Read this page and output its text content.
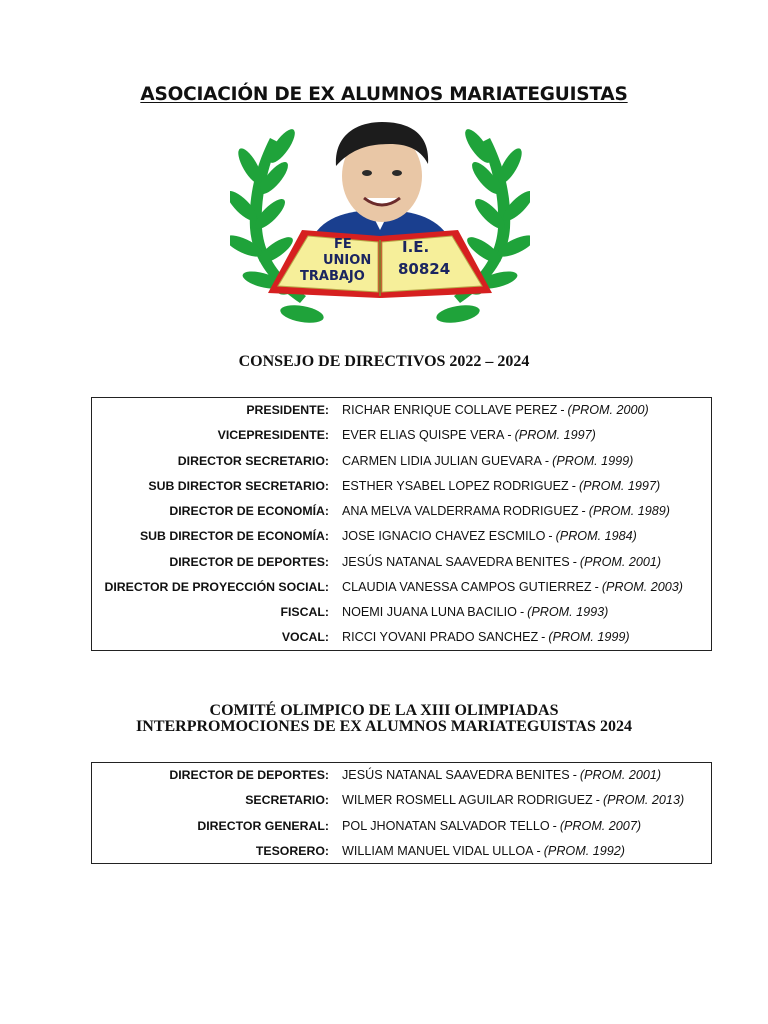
ASOCIACIÓN DE EX ALUMNOS MARIATEGUISTAS
FE
UNION
TRABAJO
I.E.
80824
CONSEJO DE DIRECTIVOS 2022 – 2024
PRESIDENTE: RICHAR ENRIQUE COLLAVE PEREZ - (PROM. 2000)
VICEPRESIDENTE: EVER ELIAS QUISPE VERA - (PROM. 1997)
DIRECTOR SECRETARIO: CARMEN LIDIA JULIAN GUEVARA - (PROM. 1999)
SUB DIRECTOR SECRETARIO: ESTHER YSABEL LOPEZ RODRIGUEZ - (PROM. 1997)
DIRECTOR DE ECONOMÍA: ANA MELVA VALDERRAMA RODRIGUEZ - (PROM. 1989)
SUB DIRECTOR DE ECONOMÍA: JOSE IGNACIO CHAVEZ ESCMILO - (PROM. 1984)
DIRECTOR DE DEPORTES: JESÚS NATANAL SAAVEDRA BENITES - (PROM. 2001)
DIRECTOR DE PROYECCIÓN SOCIAL: CLAUDIA VANESSA CAMPOS GUTIERREZ - (PROM. 2003)
FISCAL: NOEMI JUANA LUNA BACILIO - (PROM. 1993)
VOCAL: RICCI YOVANI PRADO SANCHEZ - (PROM. 1999)
COMITÉ OLIMPICO DE LA XIII OLIMPIADAS
INTERPROMOCIONES DE EX ALUMNOS MARIATEGUISTAS 2024
DIRECTOR DE DEPORTES: JESÚS NATANAL SAAVEDRA BENITES - (PROM. 2001)
SECRETARIO: WILMER ROSMELL AGUILAR RODRIGUEZ - (PROM. 2013)
DIRECTOR GENERAL: POL JHONATAN SALVADOR TELLO - (PROM. 2007)
TESORERO: WILLIAM MANUEL VIDAL ULLOA - (PROM. 1992)
